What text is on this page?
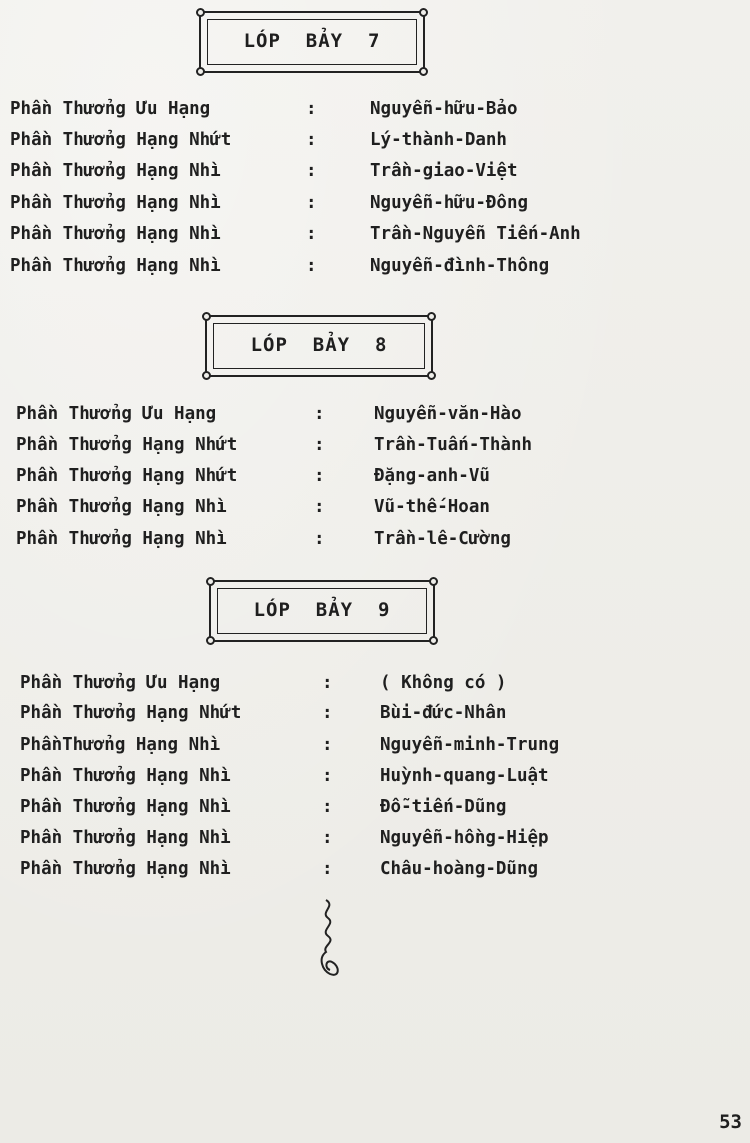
LÓP  BẢY  7
Phần Thưởng Ưu Hạng	:	Nguyễn-hữu-Bảo
Phần Thưởng Hạng Nhứt	:	Lý-thành-Danh
Phần Thưởng Hạng Nhì	:	Trần-giao-Việt
Phần Thưởng Hạng Nhì	:	Nguyễn-hữu-Đông
Phần Thưởng Hạng Nhì	:	Trần-Nguyễn Tiến-Anh
Phần Thưởng Hạng Nhì	:	Nguyễn-đình-Thông
LÓP  BẢY  8
Phần Thưởng Ưu Hạng	:	Nguyễn-văn-Hào
Phần Thưởng Hạng Nhứt	:	Trần-Tuấn-Thành
Phần Thưởng Hạng Nhứt	:	Đặng-anh-Vũ
Phần Thưởng Hạng Nhì	:	Vũ-thế-Hoan
Phần Thưởng Hạng Nhì	:	Trần-lê-Cường
LÓP  BẢY  9
Phần Thưởng Ưu Hạng	:	( Không có )
Phần Thưởng Hạng Nhứt	:	Bùi-đức-Nhân
PhầnThưởng Hạng Nhì	:	Nguyễn-minh-Trung
Phần Thưởng Hạng Nhì	:	Huỳnh-quang-Luật
Phần Thưởng Hạng Nhì	:	Đỗ-tiến-Dũng
Phần Thưởng Hạng Nhì	:	Nguyễn-hồng-Hiệp
Phần Thưởng Hạng Nhì	:	Châu-hoàng-Dũng
53
